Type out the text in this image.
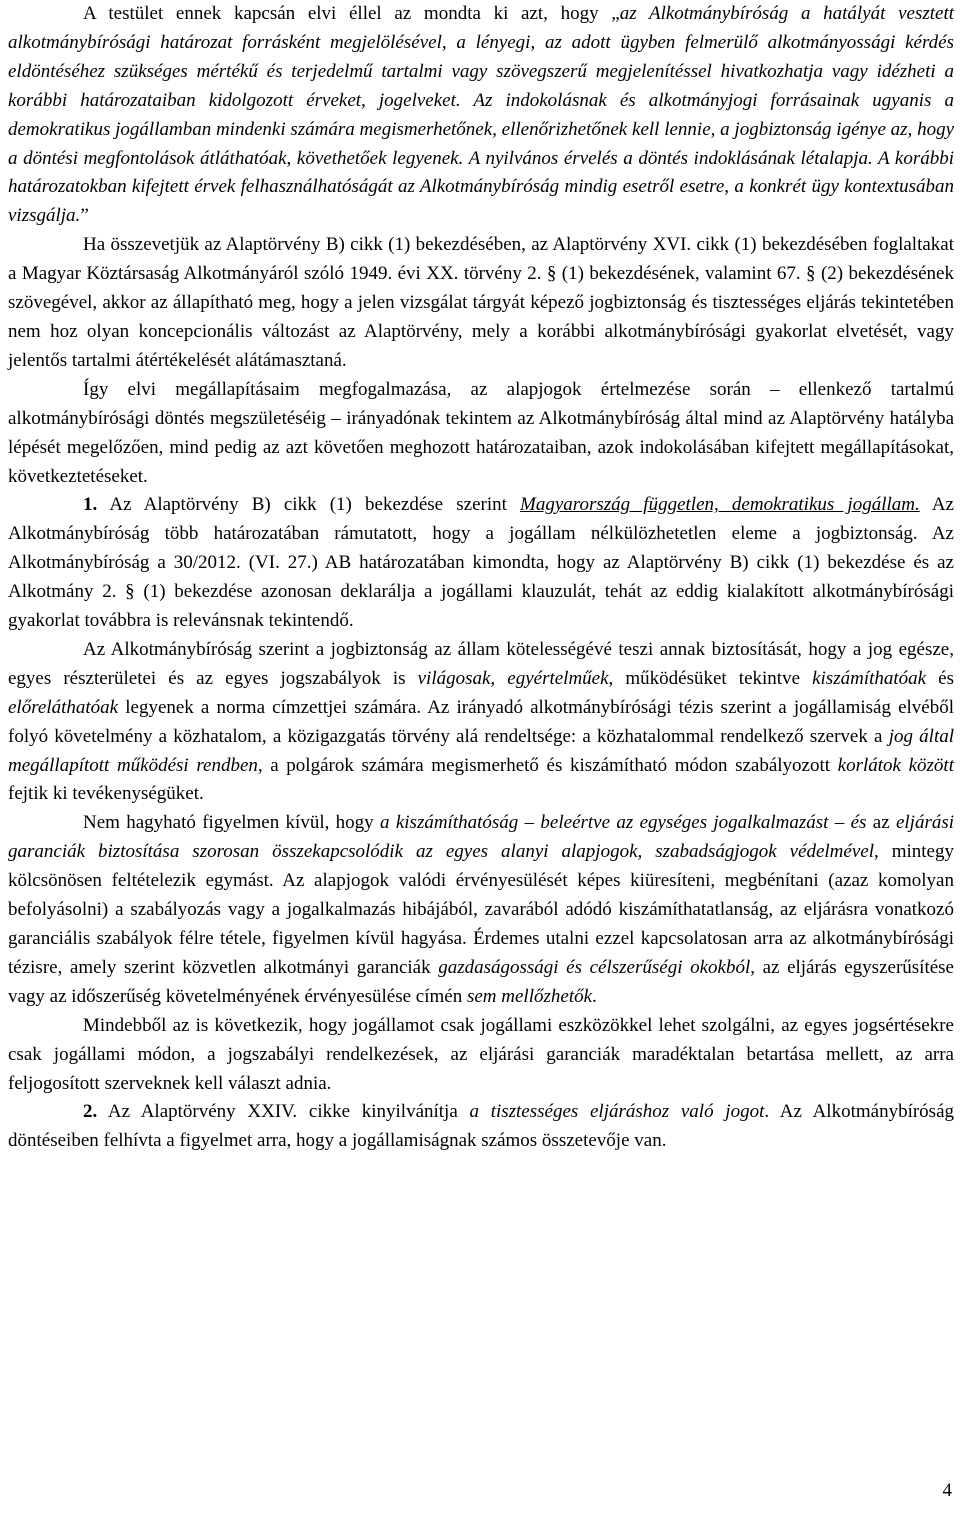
A testület ennek kapcsán elvi éllel az mondta ki azt, hogy „az Alkotmánybíróság a hatályát vesztett alkotmánybírósági határozat forrásként megjelölésével, a lényegi, az adott ügyben felmerülő alkotmányossági kérdés eldöntéséhez szükséges mértékű és terjedelmű tartalmi vagy szövegszerű megjelenítéssel hivatkozhatja vagy idézheti a korábbi határozataiban kidolgozott érveket, jogelveket. Az indokolásnak és alkotmányjogi forrásainak ugyanis a demokratikus jogállamban mindenki számára megismerhetőnek, ellenőrizhetőnek kell lennie, a jogbiztonság igénye az, hogy a döntési megfontolások átláthatóak, követhetőek legyenek. A nyilvános érvelés a döntés indoklásának létalapja. A korábbi határozatokban kifejtett érvek felhasználhatóságát az Alkotmánybíróság mindig esetről esetre, a konkrét ügy kontextusában vizsgálja.”

Ha összevetjük az Alaptörvény B) cikk (1) bekezdésében, az Alaptörvény XVI. cikk (1) bekezdésében foglaltakat a Magyar Köztársaság Alkotmányáról szóló 1949. évi XX. törvény 2. § (1) bekezdésének, valamint 67. § (2) bekezdésének szövegével, akkor az állapítható meg, hogy a jelen vizsgálat tárgyát képező jogbiztonság és tisztességes eljárás tekintetében nem hoz olyan koncepcionális változást az Alaptörvény, mely a korábbi alkotmánybírósági gyakorlat elvetését, vagy jelentős tartalmi átértékelését alátámasztaná.

Így elvi megállapításaim megfogalmazása, az alapjogok értelmezése során – ellenkező tartalmú alkotmánybírósági döntés megszületéséig – irányadónak tekintem az Alkotmánybíróság által mind az Alaptörvény hatályba lépését megelőzően, mind pedig az azt követően meghozott határozataiban, azok indokolásában kifejtett megállapításokat, következtetéseket.

1. Az Alaptörvény B) cikk (1) bekezdése szerint Magyarország független, demokratikus jogállam. Az Alkotmánybíróság több határozatában rámutatott, hogy a jogállam nélkülözhetetlen eleme a jogbiztonság. Az Alkotmánybíróság a 30/2012. (VI. 27.) AB határozatában kimondta, hogy az Alaptörvény B) cikk (1) bekezdése és az Alkotmány 2. § (1) bekezdése azonosan deklarálja a jogállami klauzulát, tehát az eddig kialakított alkotmánybírósági gyakorlat továbbra is relevánsnak tekintendő.

Az Alkotmánybíróság szerint a jogbiztonság az állam kötelességévé teszi annak biztosítását, hogy a jog egésze, egyes részterületei és az egyes jogszabályok is világosak, egyértelműek, működésüket tekintve kiszámíthatóak és előreláthatóak legyenek a norma címzettjei számára. Az irányadó alkotmánybírósági tézis szerint a jogállamiság elvéből folyó követelmény a közhatalom, a közigazgatás törvény alá rendeltsége: a közhatalommal rendelkező szervek a jog által megállapított működési rendben, a polgárok számára megismerhető és kiszámítható módon szabályozott korlátok között fejtik ki tevékenységüket.

Nem hagyható figyelmen kívül, hogy a kiszámíthatóság – beleértve az egységes jogalkalmazást – és az eljárási garanciák biztosítása szorosan összekapcsolódik az egyes alanyi alapjogok, szabadságjogok védelmével, mintegy kölcsönösen feltételezik egymást. Az alapjogok valódi érvényesülését képes kiüresíteni, megbénítani (azaz komolyan befolyásolni) a szabályozás vagy a jogalkalmazás hibájából, zavarából adódó kiszámíthatatlanság, az eljárásra vonatkozó garanciális szabályok félre tétele, figyelmen kívül hagyása. Érdemes utalni ezzel kapcsolatosan arra az alkotmánybírósági tézisre, amely szerint közvetlen alkotmányi garanciák gazdaságossági és célszerűségi okokból, az eljárás egyszerűsítése vagy az időszerűség követelményének érvényesülése címén sem mellőzhetők.

Mindebből az is következik, hogy jogállamot csak jogállami eszközökkel lehet szolgálni, az egyes jogsértésekre csak jogállami módon, a jogszabályi rendelkezések, az eljárási garanciák maradéktalan betartása mellett, az arra feljogosított szerveknek kell választ adnia.

2. Az Alaptörvény XXIV. cikke kinyilvánítja a tisztességes eljáráshoz való jogot. Az Alkotmánybíróság döntéseiben felhívta a figyelmet arra, hogy a jogállamiságnak számos összetevője van.

4
